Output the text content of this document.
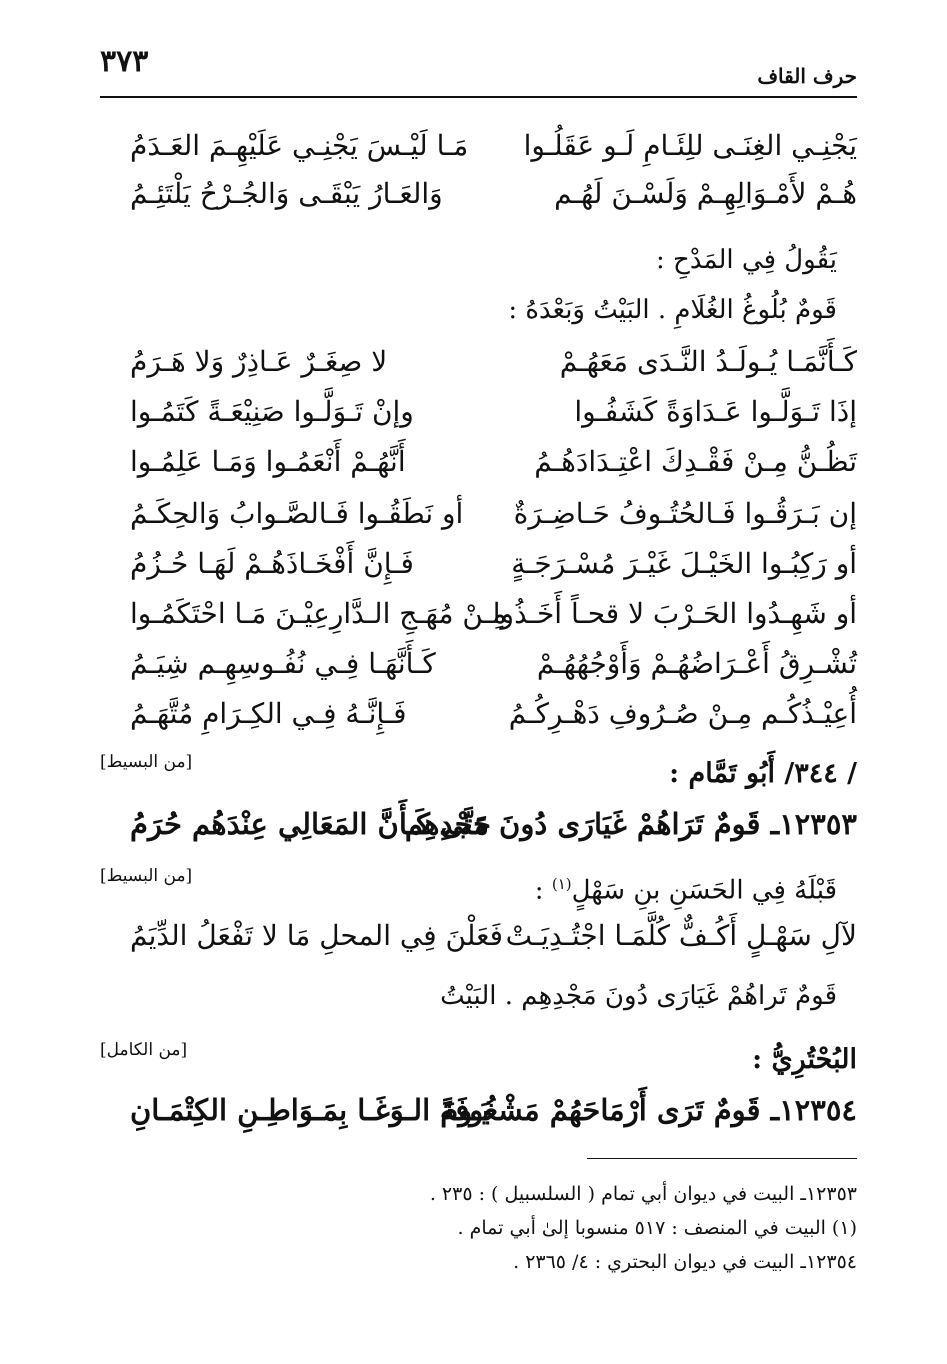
٣٧٣	حرف القاف
يَجْنِـي الغِنَـى للِئَـامِ لَـو عَقَلُـوا
مَـا لَيْـسَ يَجْنِـي عَلَيْهِـمَ العَـدَمُ
هُـمْ لأَمْـوَالِهِـمْ وَلَسْـنَ لَهُـم
وَالعَـارُ يَبْقَـى وَالجُـرْحُ يَلْتَئِـمُ
يَقُولُ فِي المَدْحِ :
قَومٌ بُلُوغُ الغُلَامِ . البَيْتُ وَبَعْدَهُ :
كَـأَنَّمَـا يُـولَـدُ النَّـدَى مَعَهُـمْ
لا صِغَـرٌ عَـاذِرٌ وَلا هَـرَمُ
إذَا تَـوَلَّـوا عَـدَاوَةً كَشَفُـوا
وإنْ تَـوَلَّـوا صَنِيْعَـةً كَتَمُـوا
تَظُـنُّ مِـنْ فَقْـدِكَ اعْتِـدَادَهُـمُ
أَنَّهُـمْ أَنْعَمُـوا وَمَـا عَلِمُـوا
إن بَـرَقُـوا فَـالحُتُـوفُ حَـاضِـرَةٌ
أو نَطَقُـوا فَـالصَّـوابُ وَالحِكَـمُ
أو رَكِبُـوا الخَيْـلَ غَيْـرَ مُسْـرَجَـةٍ
فَـإِنَّ أَفْخَـاذَهُـمْ لَهَـا حُـزُمُ
أو شَهِـدُوا الحَـرْبَ لا قحـاً أَخَـذُوا
مِـنْ مُهَـجِ الـدَّارِعِيْـنَ مَـا احْتَكَمُـوا
تُشْـرِقُ أَعْـرَاضُهُـمْ وَأَوْجُهُهُـمْ
كَـأَنَّهَـا فِـي نُفُـوسِهِـم شِيَـمُ
أُعِيْـذُكُـم مِـنْ صُـرُوفِ دَهْـرِكُـمُ
فَـإِنَّـهُ فِـي الكِـرَامِ مُتَّهَـمُ
[من البسيط]	/ ٣٤٤/ أَبُو تَمَّام :
١٢٣٥٣ـ قَومٌ تَرَاهُمْ غَيَارَى دُونَ مَجْدِهِم
حَتَّى كَـأَنَّ المَعَالِي عِنْدَهُم حُرَمُ
[من البسيط]	قَبْلَهُ فِي الحَسَنِ بنِ سَهْلٍ$^{(١)}$ :
لآلِ سَهْـلٍ أَكُـفٌّ كُلَّمَـا اجْتُـدِيَـتْ
فَعَلْنَ فِي المحلِ مَا لا تَفْعَلُ الدِّيَمُ
قَومٌ تَراهُمْ غَيَارَى دُونَ مَجْدِهِم . البَيْتُ
[من الكامل]	البُحْتُرِيُّ :
١٢٣٥٤ـ قَومٌ تَرَى أَرْمَاحَهُمْ مَشْغُوفَةً
يَـومَ الـوَغَـا بِمَـوَاطِـنِ الكِتْمَـانِ
١٢٣٥٣ـ البيت في ديوان أبي تمام ( السلسبيل ) : ٢٣٥ .
(١) البيت في المنصف : ٥١٧ منسوبا إلىٰ أبي تمام .
١٢٣٥٤ـ البيت في ديوان البحتري : ٤/ ٢٣٦٥ .
